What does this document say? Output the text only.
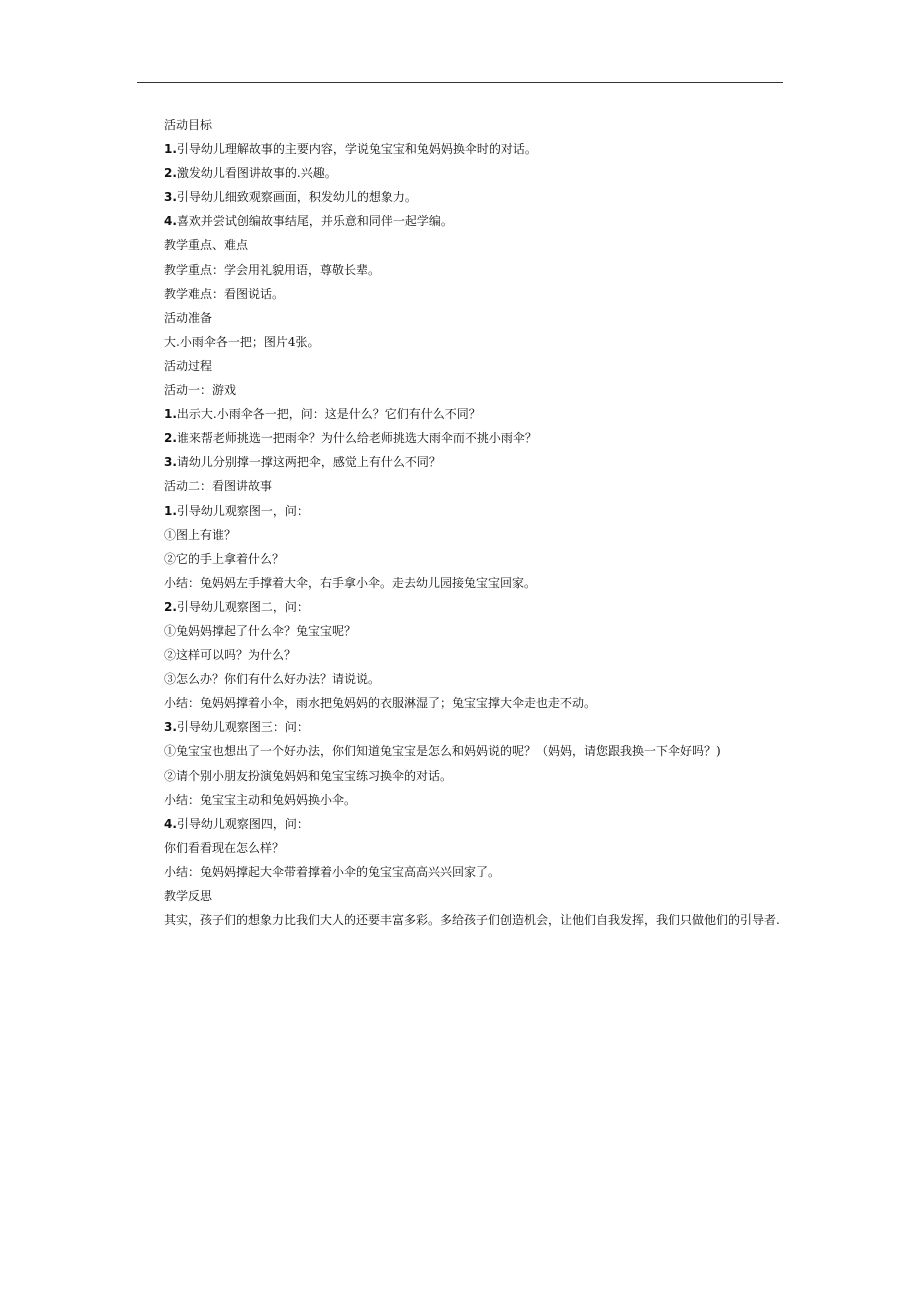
活动目标
1.引导幼儿理解故事的主要内容，学说兔宝宝和兔妈妈换伞时的对话。
2.激发幼儿看图讲故事的.兴趣。
3.引导幼儿细致观察画面，积发幼儿的想象力。
4.喜欢并尝试创编故事结尾，并乐意和同伴一起学编。
教学重点、难点
教学重点：学会用礼貌用语，尊敬长辈。
教学难点：看图说话。
活动准备
大.小雨伞各一把；图片4张。
活动过程
活动一：游戏
1.出示大.小雨伞各一把，问：这是什么？它们有什么不同？
2.谁来帮老师挑选一把雨伞？为什么给老师挑选大雨伞而不挑小雨伞？
3.请幼儿分别撑一撑这两把伞，感觉上有什么不同？
活动二：看图讲故事
1.引导幼儿观察图一，问：
①图上有谁？
②它的手上拿着什么？
小结：兔妈妈左手撑着大伞，右手拿小伞。走去幼儿园接兔宝宝回家。
2.引导幼儿观察图二，问：
①兔妈妈撑起了什么伞？兔宝宝呢？
②这样可以吗？为什么？
③怎么办？你们有什么好办法？请说说。
小结：兔妈妈撑着小伞，雨水把兔妈妈的衣服淋湿了；兔宝宝撑大伞走也走不动。
3.引导幼儿观察图三：问：
①兔宝宝也想出了一个好办法，你们知道兔宝宝是怎么和妈妈说的呢？（妈妈，请您跟我换一下伞好吗？)
②请个别小朋友扮演兔妈妈和兔宝宝练习换伞的对话。
小结：兔宝宝主动和兔妈妈换小伞。
4.引导幼儿观察图四，问：
你们看看现在怎么样？
小结：兔妈妈撑起大伞带着撑着小伞的兔宝宝高高兴兴回家了。
教学反思
其实，孩子们的想象力比我们大人的还要丰富多彩。多给孩子们创造机会，让他们自我发挥，我们只做他们的引导者.
